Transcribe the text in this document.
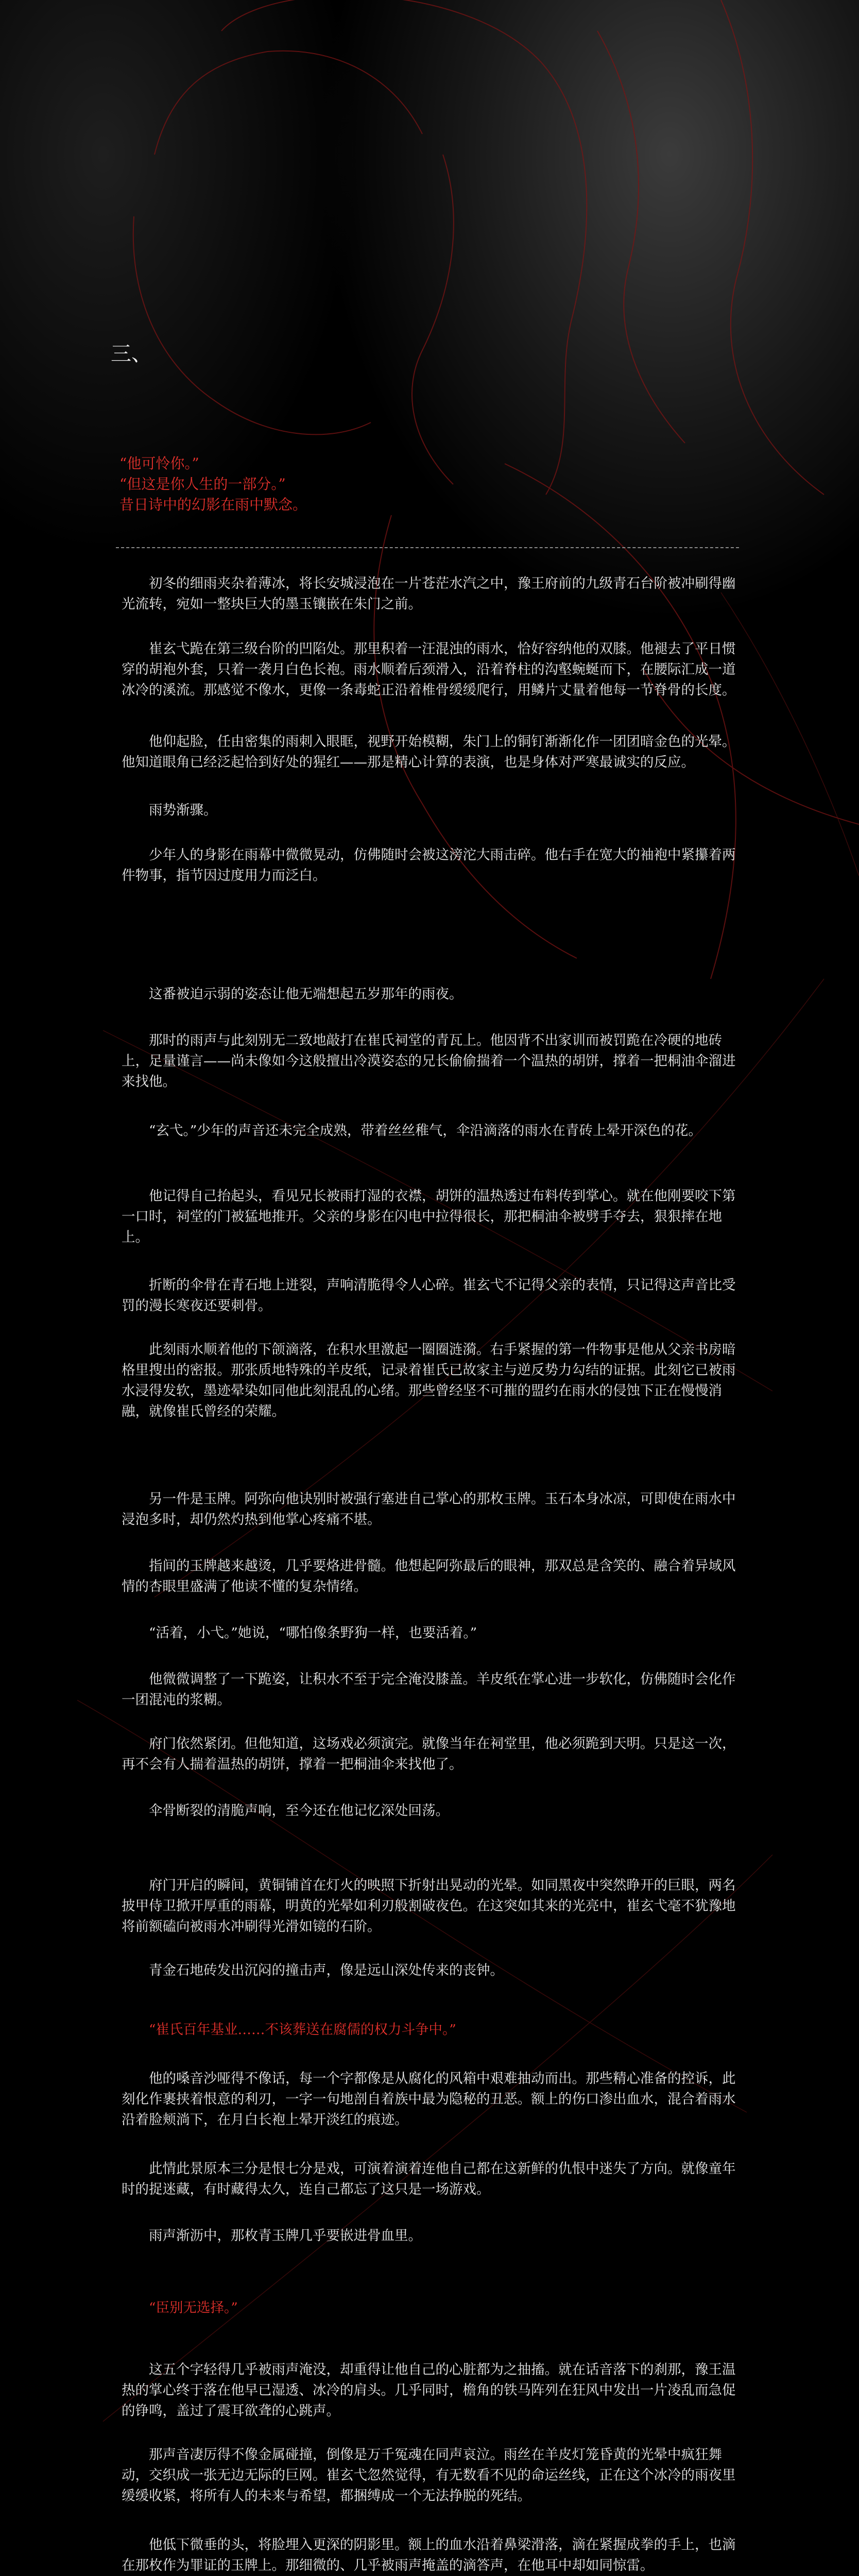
三、

“他可怜你。”

“但这是你人生的一部分。”

昔日诗中的幻影在雨中默念。

初冬的细雨夹杂着薄冰，将长安城浸泡在一片苍茫水汽之中，豫王府前的九级青石台阶被冲刷得幽光流转，宛如一整块巨大的墨玉镶嵌在朱门之前。

崔玄弋跪在第三级台阶的凹陷处。那里积着一汪混浊的雨水，恰好容纳他的双膝。他褪去了平日惯穿的胡袍外套，只着一袭月白色长袍。雨水顺着后颈滑入，沿着脊柱的沟壑蜿蜒而下，在腰际汇成一道冰冷的溪流。那感觉不像水，更像一条毒蛇正沿着椎骨缓缓爬行，用鳞片丈量着他每一节脊骨的长度。

他仰起脸，任由密集的雨刺入眼眶，视野开始模糊，朱门上的铜钉渐渐化作一团团暗金色的光晕。他知道眼角已经泛起恰到好处的猩红——那是精心计算的表演，也是身体对严寒最诚实的反应。

雨势渐骤。

少年人的身影在雨幕中微微晃动，仿佛随时会被这滂沱大雨击碎。他右手在宽大的袖袍中紧攥着两件物事，指节因过度用力而泛白。

这番被迫示弱的姿态让他无端想起五岁那年的雨夜。

那时的雨声与此刻别无二致地敲打在崔氏祠堂的青瓦上。他因背不出家训而被罚跪在冷硬的地砖上，足量谨言——尚未像如今这般擅出冷漠姿态的兄长偷偷揣着一个温热的胡饼，撑着一把桐油伞溜进来找他。

“玄弋。”少年的声音还未完全成熟，带着丝丝稚气，伞沿滴落的雨水在青砖上晕开深色的花。

他记得自己抬起头，看见兄长被雨打湿的衣襟，胡饼的温热透过布料传到掌心。就在他刚要咬下第一口时，祠堂的门被猛地推开。父亲的身影在闪电中拉得很长，那把桐油伞被劈手夺去，狠狠摔在地上。

折断的伞骨在青石地上迸裂，声响清脆得令人心碎。崔玄弋不记得父亲的表情，只记得这声音比受罚的漫长寒夜还要刺骨。

此刻雨水顺着他的下颌滴落，在积水里激起一圈圈涟漪。右手紧握的第一件物事是他从父亲书房暗格里搜出的密报。那张质地特殊的羊皮纸，记录着崔氏已故家主与逆反势力勾结的证据。此刻它已被雨水浸得发软，墨迹晕染如同他此刻混乱的心绪。那些曾经坚不可摧的盟约在雨水的侵蚀下正在慢慢消融，就像崔氏曾经的荣耀。

另一件是玉牌。阿弥向他诀别时被强行塞进自己掌心的那枚玉牌。玉石本身冰凉，可即使在雨水中浸泡多时，却仍然灼热到他掌心疼痛不堪。

指间的玉牌越来越烫，几乎要烙进骨髓。他想起阿弥最后的眼神，那双总是含笑的、融合着异域风情的杏眼里盛满了他读不懂的复杂情绪。

“活着，小弋。”她说，“哪怕像条野狗一样，也要活着。”

他微微调整了一下跪姿，让积水不至于完全淹没膝盖。羊皮纸在掌心进一步软化，仿佛随时会化作一团混沌的浆糊。

府门依然紧闭。但他知道，这场戏必须演完。就像当年在祠堂里，他必须跪到天明。只是这一次，再不会有人揣着温热的胡饼，撑着一把桐油伞来找他了。

伞骨断裂的清脆声响，至今还在他记忆深处回荡。

府门开启的瞬间，黄铜铺首在灯火的映照下折射出晃动的光晕。如同黑夜中突然睁开的巨眼，两名披甲侍卫掀开厚重的雨幕，明黄的光晕如利刃般割破夜色。在这突如其来的光亮中，崔玄弋毫不犹豫地将前额磕向被雨水冲刷得光滑如镜的石阶。

青金石地砖发出沉闷的撞击声，像是远山深处传来的丧钟。

“崔氏百年基业……不该葬送在腐儒的权力斗争中。”

他的嗓音沙哑得不像话，每一个字都像是从腐化的风箱中艰难抽动而出。那些精心准备的控诉，此刻化作裹挟着恨意的利刃，一字一句地剖自着族中最为隐秘的丑恶。额上的伤口渗出血水，混合着雨水沿着脸颊淌下，在月白长袍上晕开淡红的痕迹。

此情此景原本三分是恨七分是戏，可演着演着连他自己都在这新鲜的仇恨中迷失了方向。就像童年时的捉迷藏，有时藏得太久，连自己都忘了这只是一场游戏。

雨声渐沥中，那枚青玉牌几乎要嵌进骨血里。

“臣别无选择。”

这五个字轻得几乎被雨声淹没，却重得让他自己的心脏都为之抽搐。就在话音落下的刹那，豫王温热的掌心终于落在他早已湿透、冰冷的肩头。几乎同时，檐角的铁马阵列在狂风中发出一片凌乱而急促的铮鸣，盖过了震耳欲聋的心跳声。

那声音凄厉得不像金属碰撞，倒像是万千冤魂在同声哀泣。雨丝在羊皮灯笼昏黄的光晕中疯狂舞动，交织成一张无边无际的巨网。崔玄弋忽然觉得，有无数看不见的命运丝线，正在这个冰冷的雨夜里缓缓收紧，将所有人的未来与希望，都捆缚成一个无法挣脱的死结。

他低下微垂的头，将脸埋入更深的阴影里。额上的血水沿着鼻梁滑落，滴在紧握成拳的手上，也滴在那枚作为罪证的玉牌上。那细微的、几乎被雨声掩盖的滴答声，在他耳中却如同惊雷。
